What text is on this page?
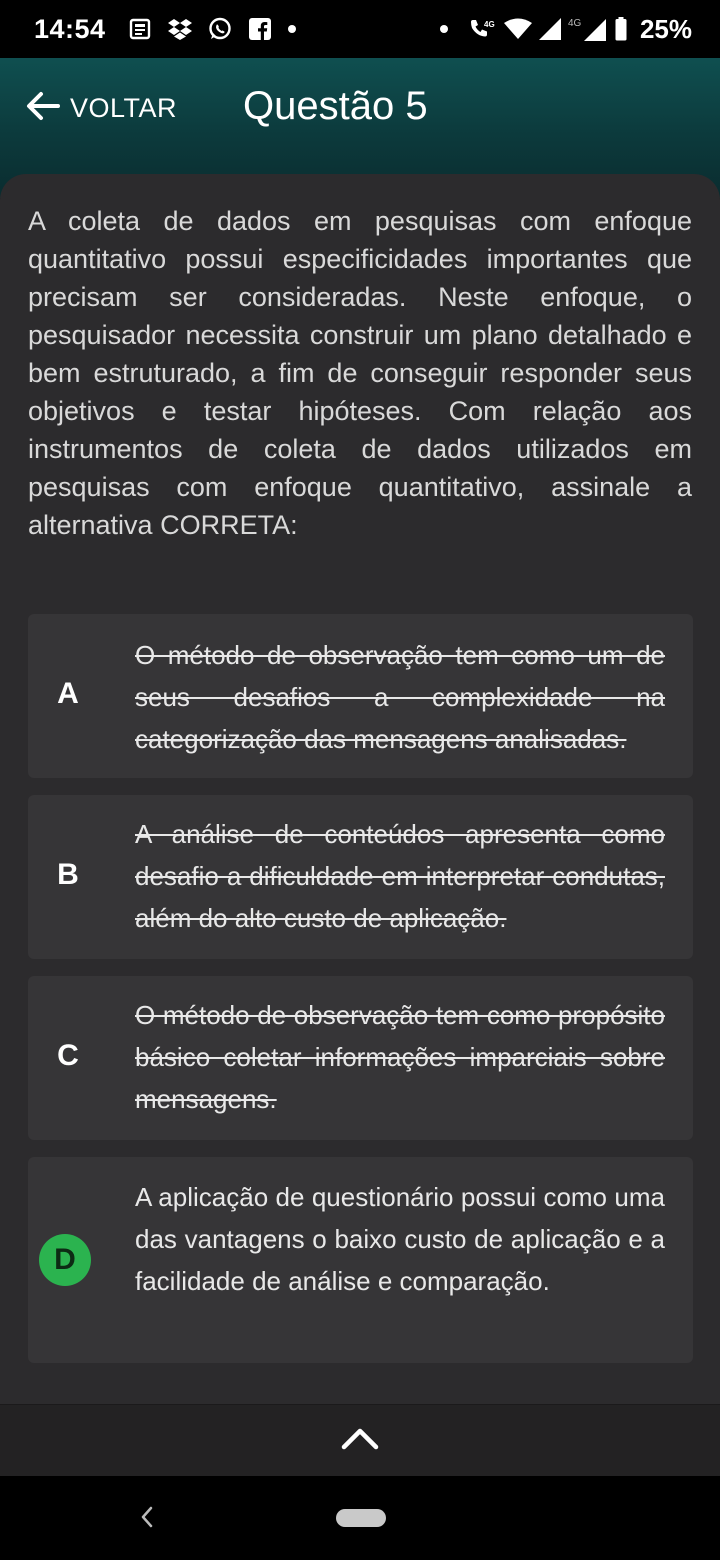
14:54	4G	4G 25%
VOLTAR Questão 5

A coleta de dados em pesquisas com enfoque quantitativo possui especificidades importantes que precisam ser consideradas. Neste enfoque, o pesquisador necessita construir um plano detalhado e bem estruturado, a fim de conseguir responder seus objetivos e testar hipóteses. Com relação aos instrumentos de coleta de dados utilizados em pesquisas com enfoque quantitativo, assinale a alternativa CORRETA:

A
O método de observação tem como um de seus desafios a complexidade na categorização das mensagens analisadas.
B
A análise de conteúdos apresenta como desafio a dificuldade em interpretar condutas, além do alto custo de aplicação.
C
O método de observação tem como propósito básico coletar informações imparciais sobre mensagens.
D
A aplicação de questionário possui como uma das vantagens o baixo custo de aplicação e a facilidade de análise e comparação.
